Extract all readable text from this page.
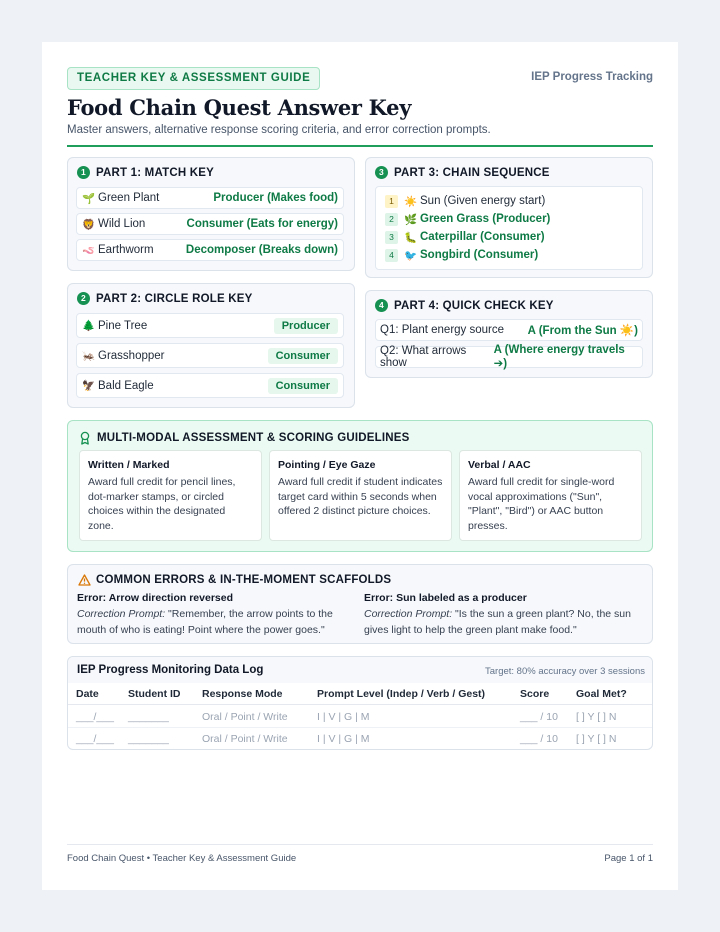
TEACHER KEY & ASSESSMENT GUIDE	IEP Progress Tracking
Food Chain Quest Answer Key
Master answers, alternative response scoring criteria, and error correction prompts.
1 PART 1: MATCH KEY
🌱 Green Plant	Producer (Makes food)
🦁 Wild Lion	Consumer (Eats for energy)
🪱 Earthworm	Decomposer (Breaks down)
2 PART 2: CIRCLE ROLE KEY
🌲 Pine Tree	Producer
🦗 Grasshopper	Consumer
🦅 Bald Eagle	Consumer
3 PART 3: CHAIN SEQUENCE
1 ☀️ Sun (Given energy start)
2 🌿 Green Grass (Producer)
3 🐛 Caterpillar (Consumer)
4 🐦 Songbird (Consumer)
4 PART 4: QUICK CHECK KEY
Q1: Plant energy source A (From the Sun ☀️)
Q2: What arrows show
A (Where energy travels ➔)
MULTI-MODAL ASSESSMENT & SCORING GUIDELINES
Written / Marked
Award full credit for pencil lines, dot-marker stamps, or circled choices within the designated zone.
Pointing / Eye Gaze
Award full credit if student indicates target card within 5 seconds when offered 2 distinct picture choices.
Verbal / AAC
Award full credit for single-word vocal approximations ("Sun", "Plant", "Bird") or AAC button presses.
COMMON ERRORS & IN-THE-MOMENT SCAFFOLDS
Error: Arrow direction reversed
Correction Prompt: "Remember, the arrow points to the mouth of who is eating! Point where the power goes."
Error: Sun labeled as a producer
Correction Prompt: "Is the sun a green plant? No, the sun gives light to help the green plant make food."
IEP Progress Monitoring Data Log	Target: 80% accuracy over 3 sessions
Date	Student ID Response Mode	Prompt Level (Indep / Verb / Gest)	Score	Goal Met?
___/___ _______	Oral / Point / Write	I | V | G | M	___ / 10 [ ] Y [ ] N
___/___ _______	Oral / Point / Write	I | V | G | M	___ / 10 [ ] Y [ ] N
Food Chain Quest • Teacher Key & Assessment Guide	Page 1 of 1
